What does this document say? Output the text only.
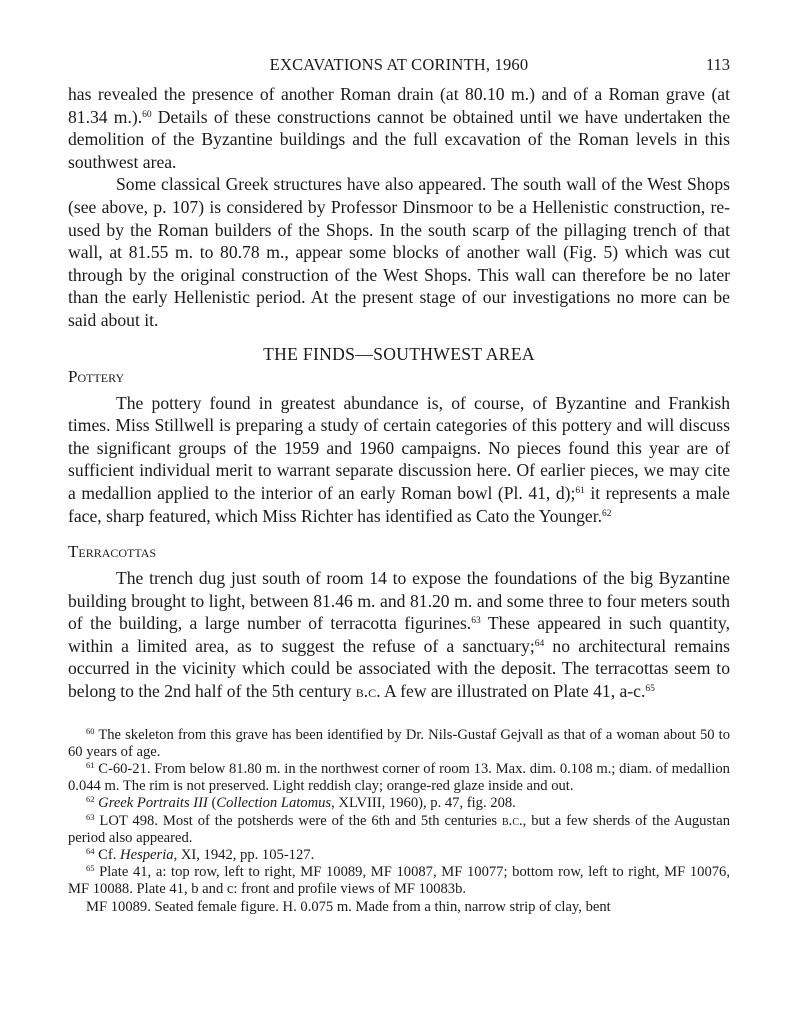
EXCAVATIONS AT CORINTH, 1960	113

has revealed the presence of another Roman drain (at 80.10 m.) and of a Roman grave (at 81.34 m.).$^{60}$ Details of these constructions cannot be obtained until we have undertaken the demolition of the Byzantine buildings and the full excavation of the Roman levels in this southwest area.

Some classical Greek structures have also appeared. The south wall of the West Shops (see above, p. 107) is considered by Professor Dinsmoor to be a Hellenistic construction, re-used by the Roman builders of the Shops. In the south scarp of the pillaging trench of that wall, at 81.55 m. to 80.78 m., appear some blocks of another wall (Fig. 5) which was cut through by the original construction of the West Shops. This wall can therefore be no later than the early Hellenistic period. At the present stage of our investigations no more can be said about it.

THE FINDS—SOUTHWEST AREA
Pottery

The pottery found in greatest abundance is, of course, of Byzantine and Frankish times. Miss Stillwell is preparing a study of certain categories of this pottery and will discuss the significant groups of the 1959 and 1960 campaigns. No pieces found this year are of sufficient individual merit to warrant separate discussion here. Of earlier pieces, we may cite a medallion applied to the interior of an early Roman bowl (Pl. 41, d);$^{61}$ it represents a male face, sharp featured, which Miss Richter has identified as Cato the Younger.$^{62}$

Terracottas

The trench dug just south of room 14 to expose the foundations of the big Byzantine building brought to light, between 81.46 m. and 81.20 m. and some three to four meters south of the building, a large number of terracotta figurines.$^{63}$ These appeared in such quantity, within a limited area, as to suggest the refuse of a sanctuary;$^{64}$ no architectural remains occurred in the vicinity which could be associated with the deposit. The terracottas seem to belong to the 2nd half of the 5th century b.c. A few are illustrated on Plate 41, a-c.$^{65}$

$^{60}$ The skeleton from this grave has been identified by Dr. Nils-Gustaf Gejvall as that of a woman about 50 to 60 years of age.

$^{61}$ C-60-21. From below 81.80 m. in the northwest corner of room 13. Max. dim. 0.108 m.; diam. of medallion 0.044 m. The rim is not preserved. Light reddish clay; orange-red glaze inside and out.

$^{62}$ Greek Portraits III (Collection Latomus, XLVIII, 1960), p. 47, fig. 208.

$^{63}$ LOT 498. Most of the potsherds were of the 6th and 5th centuries b.c., but a few sherds of the Augustan period also appeared.

$^{64}$ Cf. Hesperia, XI, 1942, pp. 105-127.

$^{65}$ Plate 41, a: top row, left to right, MF 10089, MF 10087, MF 10077; bottom row, left to right, MF 10076, MF 10088. Plate 41, b and c: front and profile views of MF 10083b.

MF 10089. Seated female figure. H. 0.075 m. Made from a thin, narrow strip of clay, bent
